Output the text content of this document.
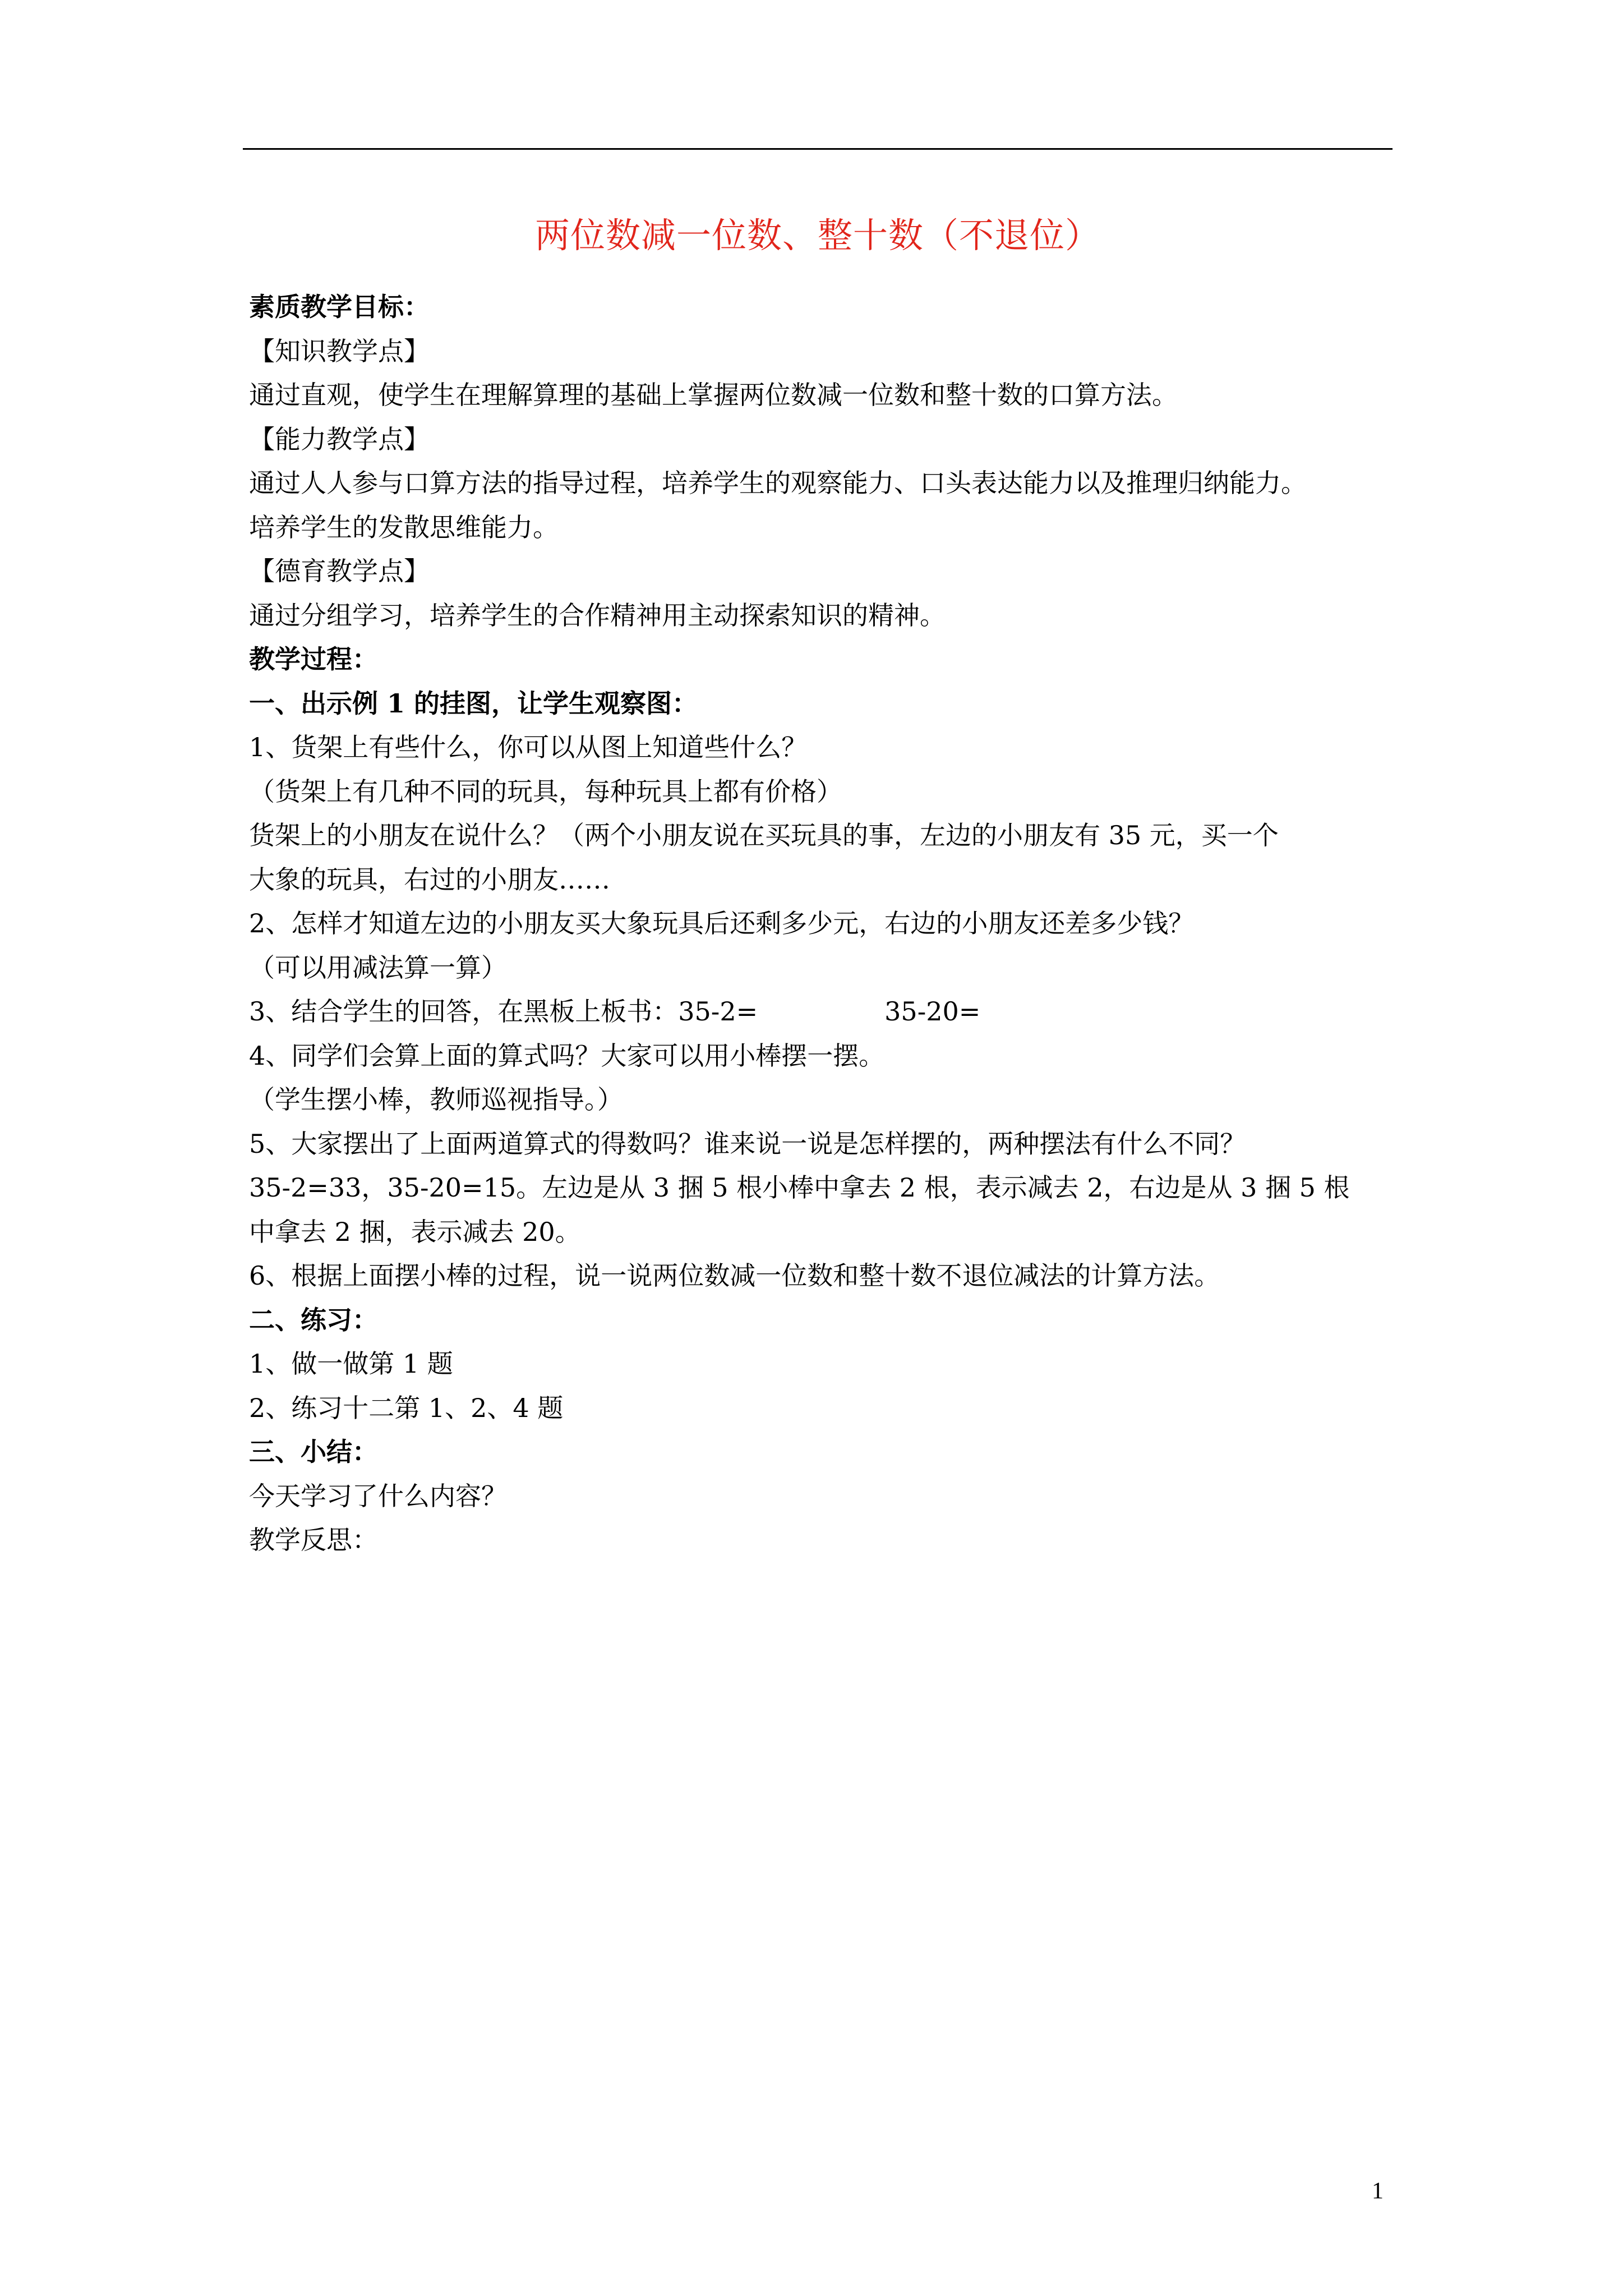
两位数减一位数、整十数（不退位）
素质教学目标：
【知识教学点】
通过直观，使学生在理解算理的基础上掌握两位数减一位数和整十数的口算方法。
【能力教学点】
通过人人参与口算方法的指导过程，培养学生的观察能力、口头表达能力以及推理归纳能力。
培养学生的发散思维能力。
【德育教学点】
通过分组学习，培养学生的合作精神用主动探索知识的精神。
教学过程：
一、出示例 1 的挂图，让学生观察图：
1、货架上有些什么，你可以从图上知道些什么？
（货架上有几种不同的玩具，每种玩具上都有价格）
货架上的小朋友在说什么？（两个小朋友说在买玩具的事，左边的小朋友有 35 元，买一个
大象的玩具，右过的小朋友……
2、怎样才知道左边的小朋友买大象玩具后还剩多少元，右边的小朋友还差多少钱？
（可以用减法算一算）
3、结合学生的回答，在黑板上板书：35-2=	35-20=
4、同学们会算上面的算式吗？大家可以用小棒摆一摆。
（学生摆小棒，教师巡视指导。）
5、大家摆出了上面两道算式的得数吗？谁来说一说是怎样摆的，两种摆法有什么不同？
35-2=33，35-20=15。左边是从 3 捆 5 根小棒中拿去 2 根，表示减去 2，右边是从 3 捆 5 根
中拿去 2 捆，表示减去 20。
6、根据上面摆小棒的过程，说一说两位数减一位数和整十数不退位减法的计算方法。
二、练习：
1、做一做第 1 题
2、练习十二第 1、2、4 题
三、小结：
今天学习了什么内容？
教学反思：
1
